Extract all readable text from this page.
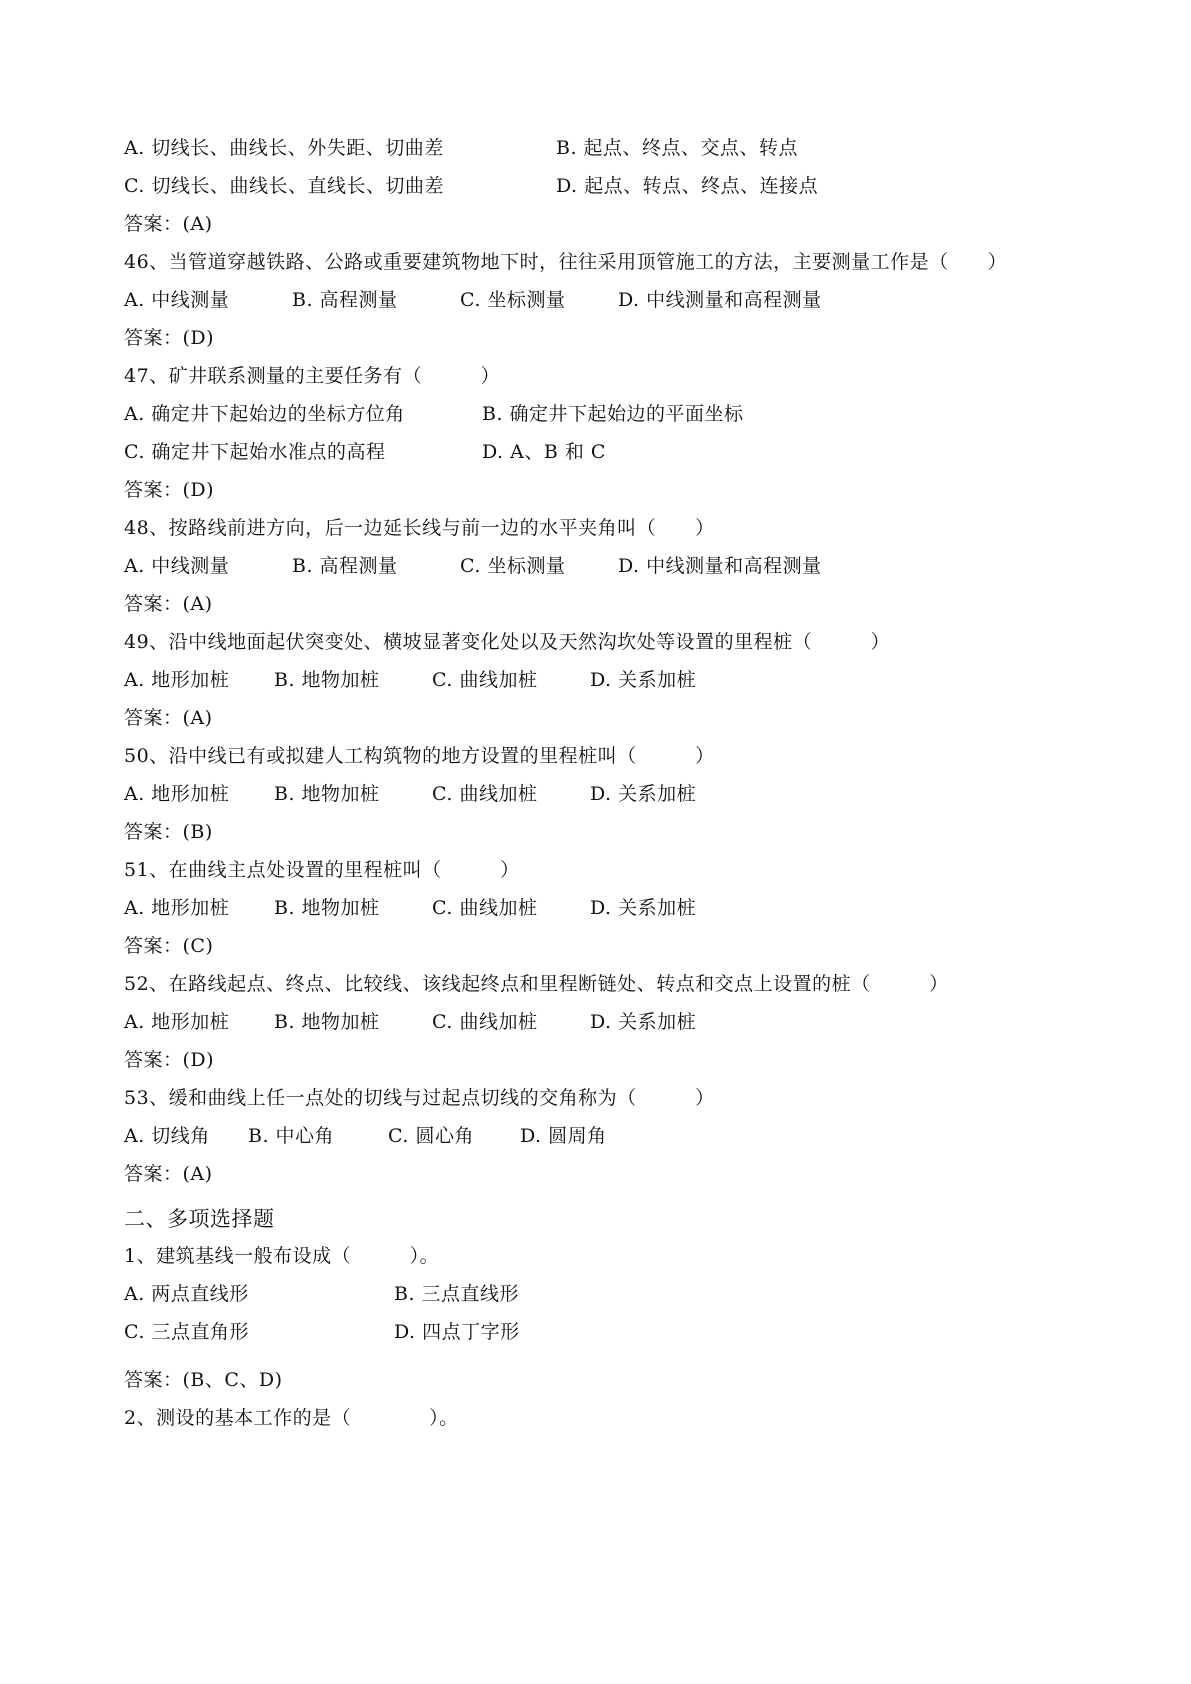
A. 切线长、曲线长、外失距、切曲差

	B. 起点、终点、交点、转点

C. 切线长、曲线长、直线长、切曲差

	D. 起点、转点、终点、连接点

答案：(A)
46、当管道穿越铁路、公路或重要建筑物地下时，往往采用顶管施工的方法，主要测量工作是（　　）

A. 中线测量

	B. 高程测量

	C. 坐标测量

	D. 中线测量和高程测量

答案：(D)
47、矿井联系测量的主要任务有（　　　）

A. 确定井下起始边的坐标方位角

	B. 确定井下起始边的平面坐标

C. 确定井下起始水准点的高程

	D. A、B 和 C

答案：(D)
48、按路线前进方向，后一边延长线与前一边的水平夹角叫（　　）

A. 中线测量

	B. 高程测量

	C. 坐标测量

	D. 中线测量和高程测量

答案：(A)
49、沿中线地面起伏突变处、横坡显著变化处以及天然沟坎处等设置的里程桩（　　　）

A. 地形加桩

B. 地物加桩

	C. 曲线加桩

	D. 关系加桩

答案：(A)
50、沿中线已有或拟建人工构筑物的地方设置的里程桩叫（　　　）

A. 地形加桩

B. 地物加桩

	C. 曲线加桩

	D. 关系加桩

答案：(B)
51、在曲线主点处设置的里程桩叫（　　　）

A. 地形加桩

B. 地物加桩

	C. 曲线加桩

	D. 关系加桩

答案：(C)
52、在路线起点、终点、比较线、该线起终点和里程断链处、转点和交点上设置的桩（　　　）

A. 地形加桩

B. 地物加桩

	C. 曲线加桩

	D. 关系加桩

答案：(D)
53、缓和曲线上任一点处的切线与过起点切线的交角称为（　　　）

A. 切线角

B. 中心角

	C. 圆心角

D. 圆周角

答案：(A)
二、多项选择题
1、建筑基线一般布设成（　　　）。

A. 两点直线形

	B. 三点直线形

C. 三点直角形

	D. 四点丁字形

答案：(B、C、D)
2、测设的基本工作的是（　　　　）。
